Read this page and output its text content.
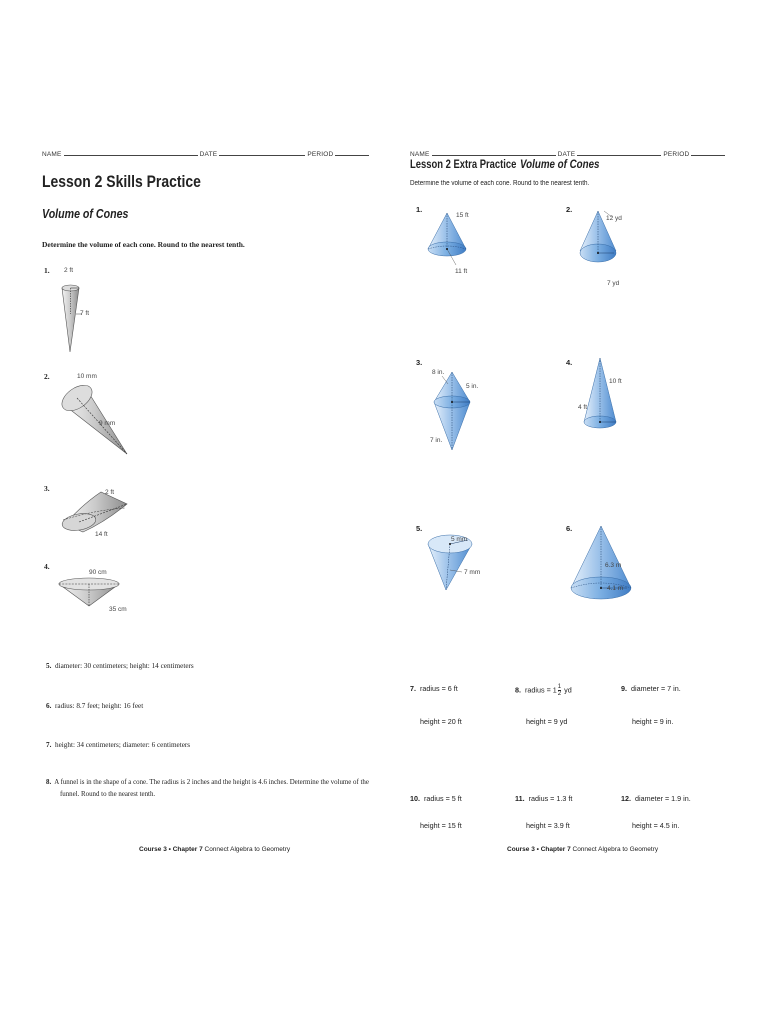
NAME	DATE	PERIOD
Lesson 2 Skills Practice
Volume of Cones
Determine the volume of each cone. Round to the nearest tenth.
1. 2 ft
7 ft
2.	10 mm
9 mm
3.	2 ft
14 ft
4.
90 cm
35 cm
5. diameter: 30 centimeters; height: 14 centimeters
6. radius: 8.7 feet; height: 16 feet
7. height: 34 centimeters; diameter: 6 centimeters
8. A funnel is in the shape of a cone. The radius is 2 inches and the height is 4.6 inches. Determine the volume of the
funnel. Round to the nearest tenth.
Course 3 • Chapter 7 Connect Algebra to Geometry
NAME	DATE	PERIOD
Lesson 2 Extra Practice Volume of Cones
Determine the volume of each cone. Round to the nearest tenth.
1.
15 ft
11 ft
2.
12 yd
7 yd
3.
8 in.
5 in.
7 in.
4.
10 ft
4 ft
5.
5 mm
7 mm
6.
6.3 m
4.1 m
7. radius = 6 ft
height = 20 ft
8. radius = $1 \frac{1}{2}$ yd
height = 9 yd
9. diameter = 7 in.
height = 9 in.
10. radius = 5 ft
height = 15 ft
11. radius = 1.3 ft
height = 3.9 ft
12. diameter = 1.9 in.
height = 4.5 in.
Course 3 • Chapter 7 Connect Algebra to Geometry
